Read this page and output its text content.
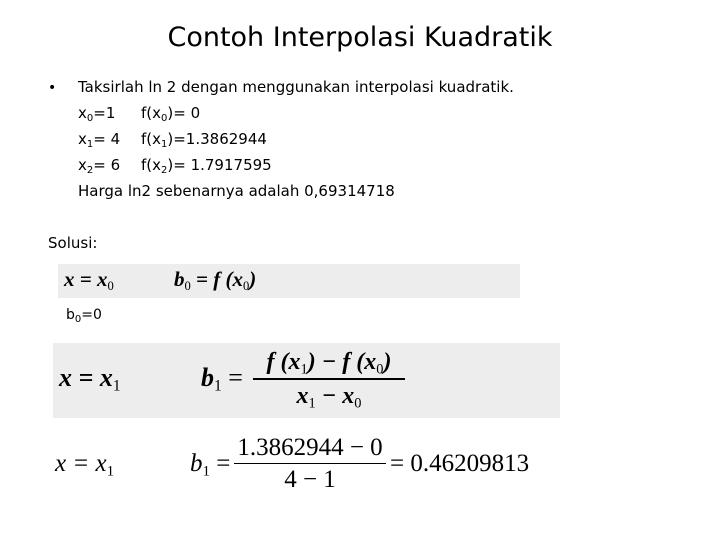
Contoh Interpolasi Kuadratik
• Taksirlah ln 2 dengan menggunakan interpolasi kuadratik.
$x_0=1$ $f(x_0)= 0$
$x_1= 4$ $f(x_1)=1.3862944$
$x_2= 6$ $f(x_2)= 1.7917595$
Harga ln2 sebenarnya adalah 0,69314718
Solusi:
$x = x_0$	$b_0 = f$ $(x_0)$
$b_0=0$
$x = x_1$	$b_1 = \frac{f (x_1) - f (x_0)}{x_1 - x_0}$
$x = x_1$	$b_1 = \frac{1.3862944 - 0}{4 - 1} = 0.46209813$
